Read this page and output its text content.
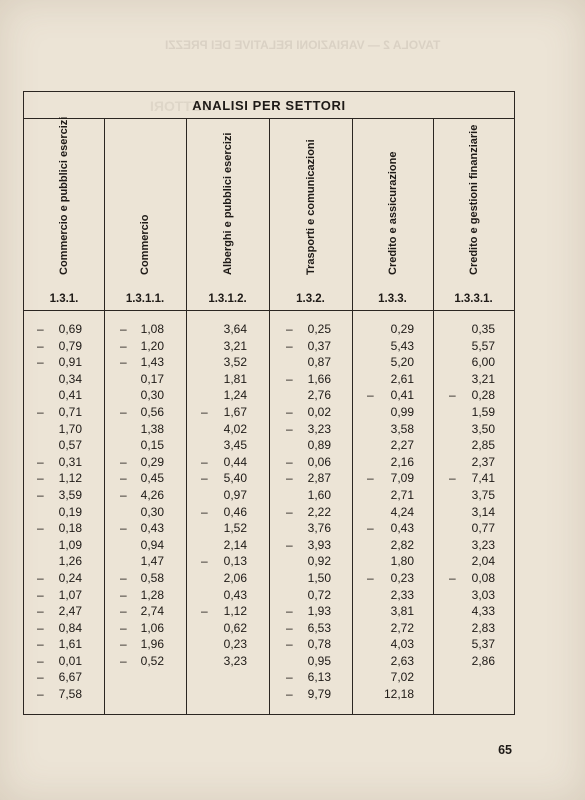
TAVOLA 2 — VARIAZIONI RELATIVE DEI PREZZI
SETTORI
ANALISI PER SETTORI
Commercio e pubblici esercizi
1.3.1.
– 0,69
– 0,79
– 0,91
0,34
0,41
– 0,71
1,70
0,57
– 0,31
– 1,12
– 3,59
0,19
– 0,18
1,09
1,26
– 0,24
– 1,07
– 2,47
– 0,84
– 1,61
– 0,01
– 6,67
– 7,58
Commercio
1.3.1.1.
– 1,08
– 1,20
– 1,43
0,17
0,30
– 0,56
1,38
0,15
– 0,29
– 0,45
– 4,26
0,30
– 0,43
0,94
1,47
– 0,58
– 1,28
– 2,74
– 1,06
– 1,96
– 0,52
Alberghi e pubblici esercizi
1.3.1.2.
3,64
3,21
3,52
1,81
1,24
– 1,67
4,02
3,45
– 0,44
– 5,40
0,97
– 0,46
1,52
2,14
– 0,13
2,06
0,43
– 1,12
0,62
0,23
3,23
Trasporti e comunicazioni
1.3.2.
– 0,25
– 0,37
0,87
– 1,66
2,76
– 0,02
– 3,23
0,89
– 0,06
– 2,87
1,60
– 2,22
3,76
– 3,93
0,92
1,50
0,72
– 1,93
– 6,53
– 0,78
0,95
– 6,13
– 9,79
Credito e assicurazione
1.3.3.
0,29
5,43
5,20
2,61
– 0,41
0,99
3,58
2,27
2,16
– 7,09
2,71
4,24
– 0,43
2,82
1,80
– 0,23
2,33
3,81
2,72
4,03
2,63
7,02
12,18
Credito e gestioni finanziarie
1.3.3.1.
0,35
5,57
6,00
3,21
– 0,28
1,59
3,50
2,85
2,37
– 7,41
3,75
3,14
0,77
3,23
2,04
– 0,08
3,03
4,33
2,83
5,37
2,86
65
